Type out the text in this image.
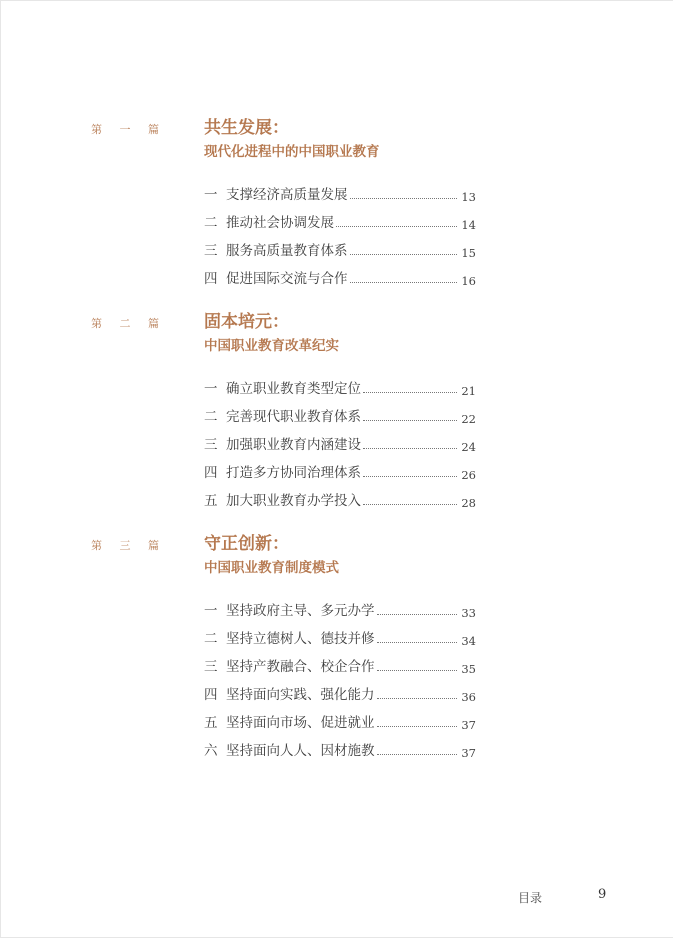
第 一 篇	共生发展：
现代化进程中的中国职业教育
一 支撑经济高质量发展	13
二 推动社会协调发展	14
三 服务高质量教育体系	15
四 促进国际交流与合作	16
第 二 篇	固本培元：
中国职业教育改革纪实
一 确立职业教育类型定位	21
二 完善现代职业教育体系	22
三 加强职业教育内涵建设	24
四 打造多方协同治理体系	26
五 加大职业教育办学投入	28
第 三 篇	守正创新：
中国职业教育制度模式
一 坚持政府主导、多元办学	33
二 坚持立德树人、德技并修	34
三 坚持产教融合、校企合作	35
四 坚持面向实践、强化能力	36
五 坚持面向市场、促进就业	37
六 坚持面向人人、因材施教	37
目录	9
